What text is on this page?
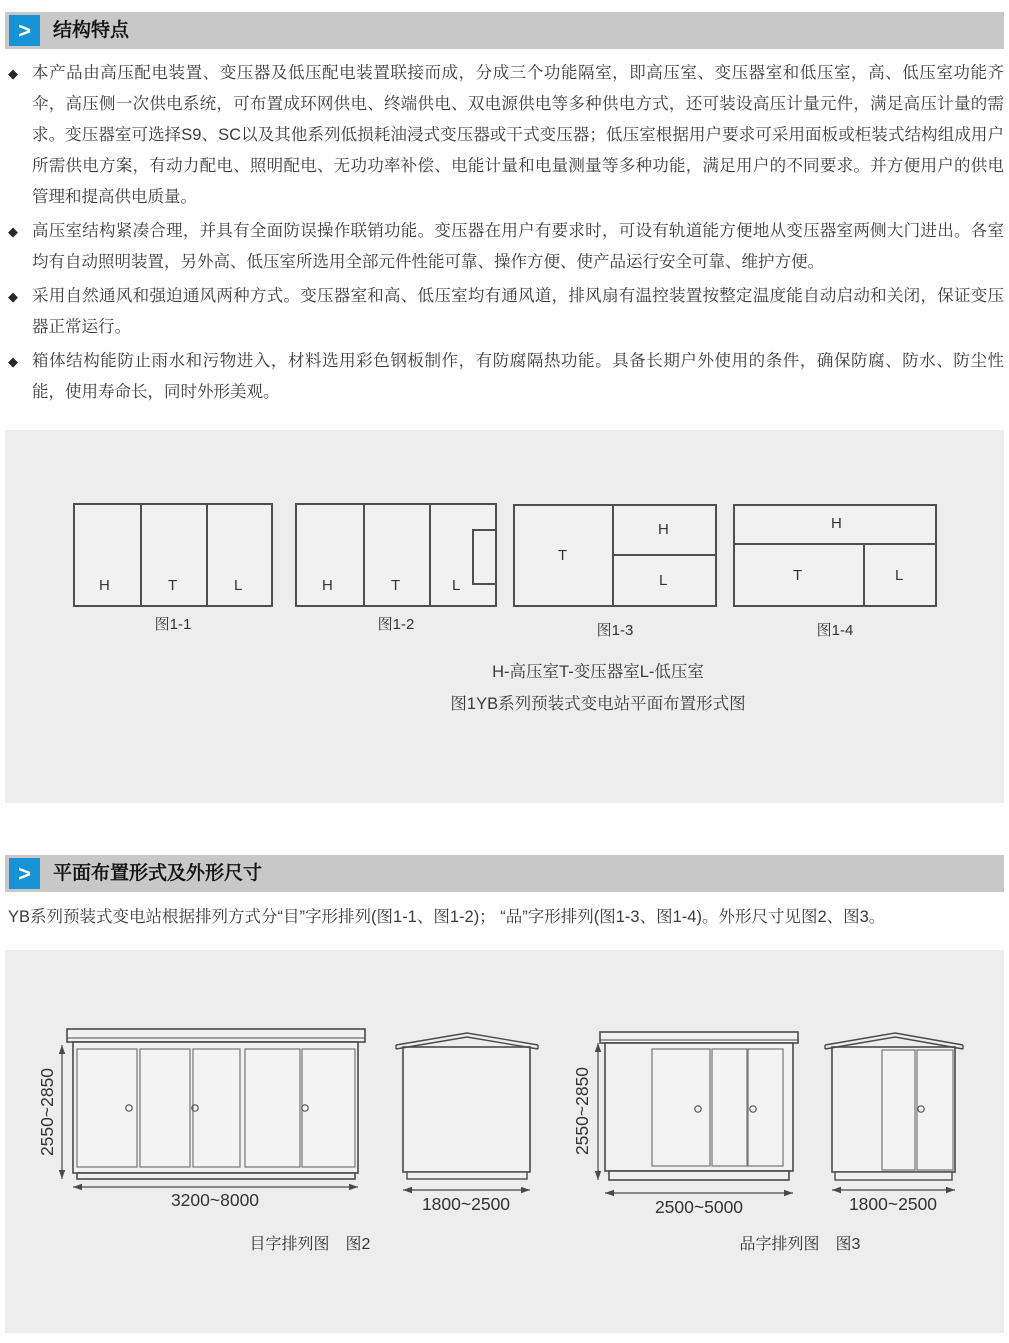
> 结构特点
◆ 本产品由高压配电装置、变压器及低压配电装置联接而成，分成三个功能隔室，即高压室、变压器室和低压室，高、低压室功能齐伞，高压侧一次供电系统，可布置成环网供电、终端供电、双电源供电等多种供电方式，还可装设高压计量元件，满足高压计量的需求。变压器室可选择S9、SC以及其他系列低损耗油浸式变压器或干式变压器；低压室根据用户要求可采用面板或柜装式结构组成用户所需供电方案，有动力配电、照明配电、无功功率补偿、电能计量和电量测量等多种功能，满足用户的不同要求。并方便用户的供电管理和提高供电质量。
◆ 高压室结构紧凑合理，并具有全面防误操作联销功能。变压器在用户有要求时，可设有轨道能方便地从变压器室两侧大门进出。各室均有自动照明装置，另外高、低压室所选用全部元件性能可靠、操作方便、使产品运行安全可靠、维护方便。
◆ 采用自然通风和强迫通风两种方式。变压器室和高、低压室均有通风道，排风扇有温控装置按整定温度能自动启动和关闭，保证变压器正常运行。
◆ 箱体结构能防止雨水和污物进入，材料选用彩色钢板制作，有防腐隔热功能。具备长期户外使用的条件，确保防腐、防水、防尘性能，使用寿命长，同时外形美观。
H	T	L
图1-1
H	T	L
图1-2
T
H
L
图1-3
H
T	L
图1-4
H-高压室T-变压器室L-低压室
图1YB系列预装式变电站平面布置形式图
> 平面布置形式及外形尺寸
YB系列预装式变电站根据排列方式分“目”字形排列(图1-1、图1-2)； “品”字形排列(图1-3、图1-4)。外形尺寸见图2、图3。
2550~2850
3200~8000	1800~2500
2550~2850
2500~5000	1800~2500
目字排列图　图2	品字排列图　图3
